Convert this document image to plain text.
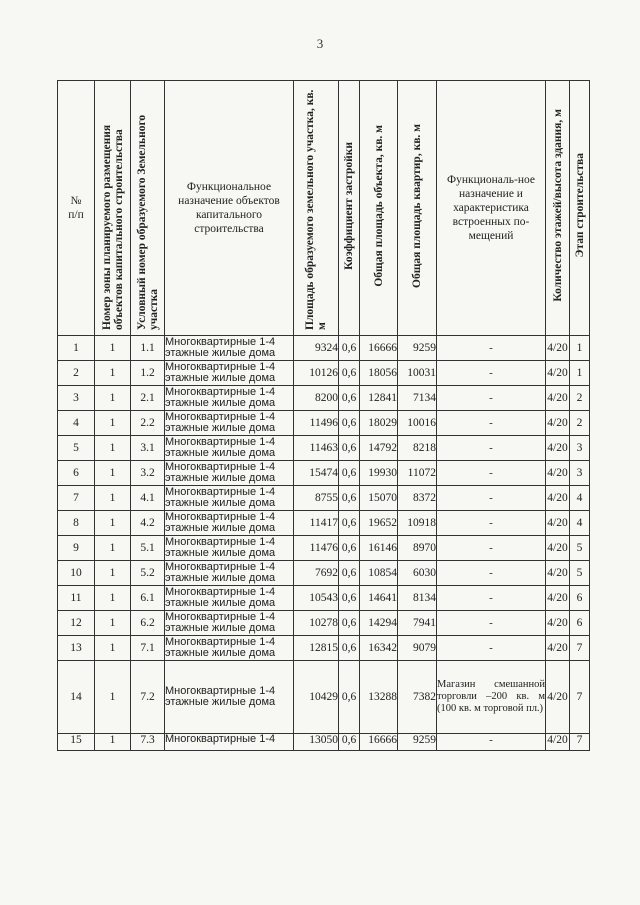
3
№
п/п	Номер зоны планируемого размещения объектов капитального строительства	Условный номер образуемого Земельного участка	Функциональное назначение объектов капитального строительства	Площадь образуемого земельного участка, кв. м	Коэффициент застройки	Общая площадь объекта, кв. м	Общая площадь квартир, кв. м	Функциональ-ное назначение и характеристика встроенных по-мещений	Количество этажей/высота здания, м	Этап строительства
1	1	1.1	Многоквартирные 1-4 этажные жилые дома	9324	0,6	16666	9259	-	4/20	1
2	1	1.2	Многоквартирные 1-4 этажные жилые дома	10126	0,6	18056	10031	-	4/20	1
3	1	2.1	Многоквартирные 1-4 этажные жилые дома	8200	0,6	12841	7134	-	4/20	2
4	1	2.2	Многоквартирные 1-4 этажные жилые дома	11496	0,6	18029	10016	-	4/20	2
5	1	3.1	Многоквартирные 1-4 этажные жилые дома	11463	0,6	14792	8218	-	4/20	3
6	1	3.2	Многоквартирные 1-4 этажные жилые дома	15474	0,6	19930	11072	-	4/20	3
7	1	4.1	Многоквартирные 1-4 этажные жилые дома	8755	0,6	15070	8372	-	4/20	4
8	1	4.2	Многоквартирные 1-4 этажные жилые дома	11417	0,6	19652	10918	-	4/20	4
9	1	5.1	Многоквартирные 1-4 этажные жилые дома	11476	0,6	16146	8970	-	4/20	5
10	1	5.2	Многоквартирные 1-4 этажные жилые дома	7692	0,6	10854	6030	-	4/20	5
11	1	6.1	Многоквартирные 1-4 этажные жилые дома	10543	0,6	14641	8134	-	4/20	6
12	1	6.2	Многоквартирные 1-4 этажные жилые дома	10278	0,6	14294	7941	-	4/20	6
13	1	7.1	Многоквартирные 1-4 этажные жилые дома	12815	0,6	16342	9079	-	4/20	7
14	1	7.2	Многоквартирные 1-4 этажные жилые дома	10429	0,6	13288	7382	Магазин смешанной торговли –200 кв. м (100 кв. м торговой пл.)	4/20	7
15	1	7.3	Многоквартирные 1-4	13050	0,6	16666	9259	-	4/20	7
